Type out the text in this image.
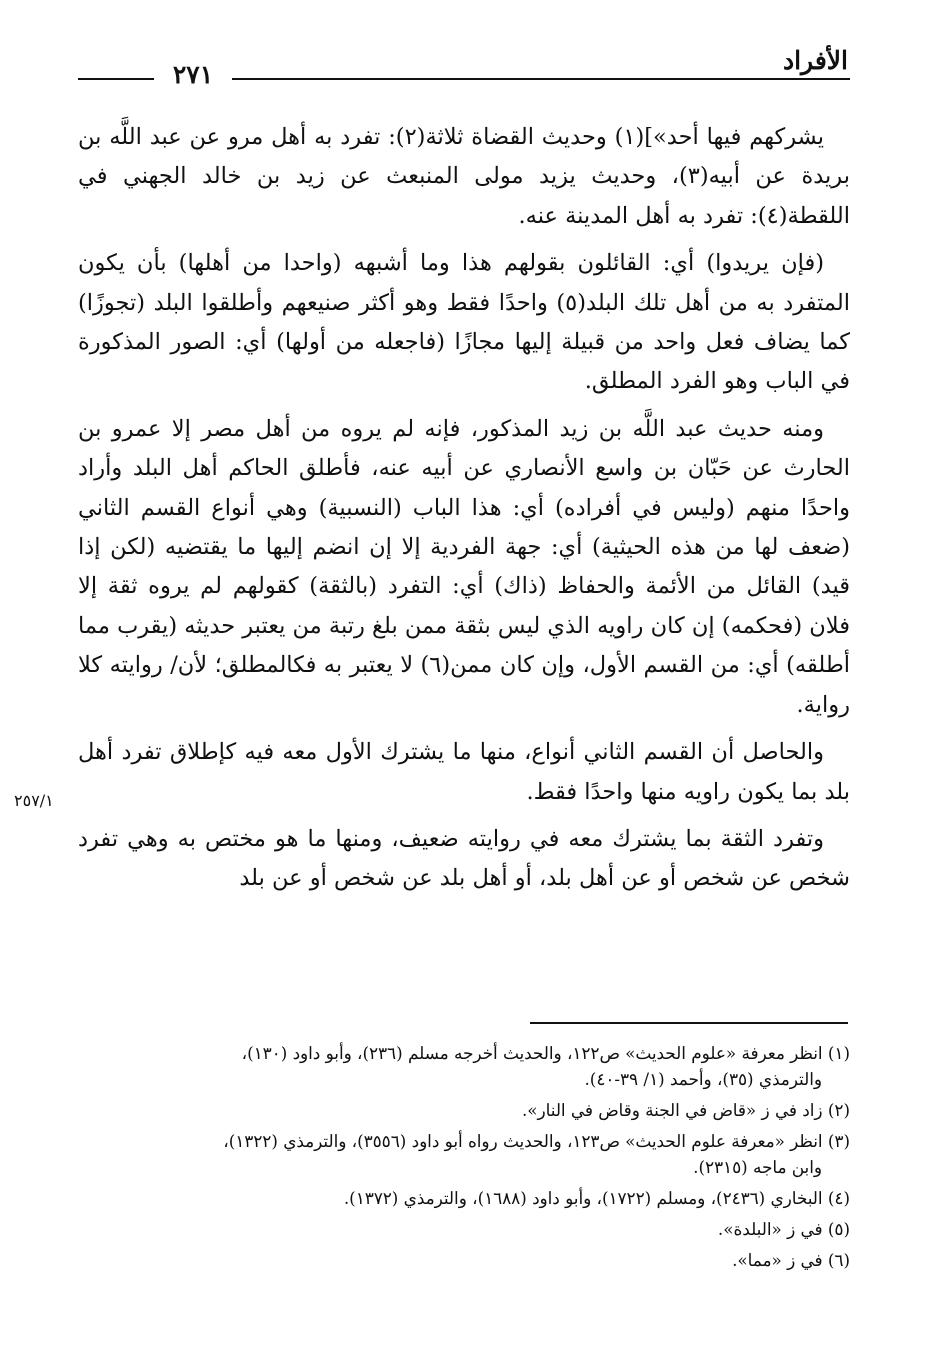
الأفراد
٢٧١

يشركهم فيها أحد»](١) وحديث القضاة ثلاثة(٢): تفرد به أهل مرو عن عبد اللَّه بن بريدة عن أبيه(٣)، وحديث يزيد مولى المنبعث عن زيد بن خالد الجهني في اللقطة(٤): تفرد به أهل المدينة عنه.

(فإن يريدوا) أي: القائلون بقولهم هذا وما أشبهه (واحدا من أهلها) بأن يكون المتفرد به من أهل تلك البلد(٥) واحدًا فقط وهو أكثر صنيعهم وأطلقوا البلد (تجوزًا) كما يضاف فعل واحد من قبيلة إليها مجازًا (فاجعله من أولها) أي: الصور المذكورة في الباب وهو الفرد المطلق.

ومنه حديث عبد اللَّه بن زيد المذكور، فإنه لم يروه من أهل مصر إلا عمرو بن الحارث عن حَبّان بن واسع الأنصاري عن أبيه عنه، فأطلق الحاكم أهل البلد وأراد واحدًا منهم (وليس في أفراده) أي: هذا الباب (النسبية) وهي أنواع القسم الثاني (ضعف لها من هذه الحيثية) أي: جهة الفردية إلا إن انضم إليها ما يقتضيه (لكن إذا قيد) القائل من الأئمة والحفاظ (ذاك) أي: التفرد (بالثقة) كقولهم لم يروه ثقة إلا فلان (فحكمه) إن كان راويه الذي ليس بثقة ممن بلغ رتبة من يعتبر حديثه (يقرب مما أطلقه) أي: من القسم الأول، وإن كان ممن(٦) لا يعتبر به فكالمطلق؛ لأن/ روايته كلا رواية.

والحاصل أن القسم الثاني أنواع، منها ما يشترك الأول معه فيه كإطلاق تفرد أهل بلد بما يكون راويه منها واحدًا فقط.

وتفرد الثقة بما يشترك معه في روايته ضعيف، ومنها ما هو مختص به وهي تفرد شخص عن شخص أو عن أهل بلد، أو أهل بلد عن شخص أو عن بلد

٢٥٧/١
(١) انظر معرفة «علوم الحديث» ص١٢٢، والحديث أخرجه مسلم (٢٣٦)، وأبو داود (١٣٠)،
والترمذي (٣٥)، وأحمد (١/ ٣٩-٤٠).
(٢) زاد في ز «قاض في الجنة وقاض في النار».
(٣) انظر «معرفة علوم الحديث» ص١٢٣، والحديث رواه أبو داود (٣٥٥٦)، والترمذي (١٣٢٢)،
وابن ماجه (٢٣١٥).
(٤) البخاري (٢٤٣٦)، ومسلم (١٧٢٢)، وأبو داود (١٦٨٨)، والترمذي (١٣٧٢).
(٥) في ز «البلدة».
(٦) في ز «مما».
